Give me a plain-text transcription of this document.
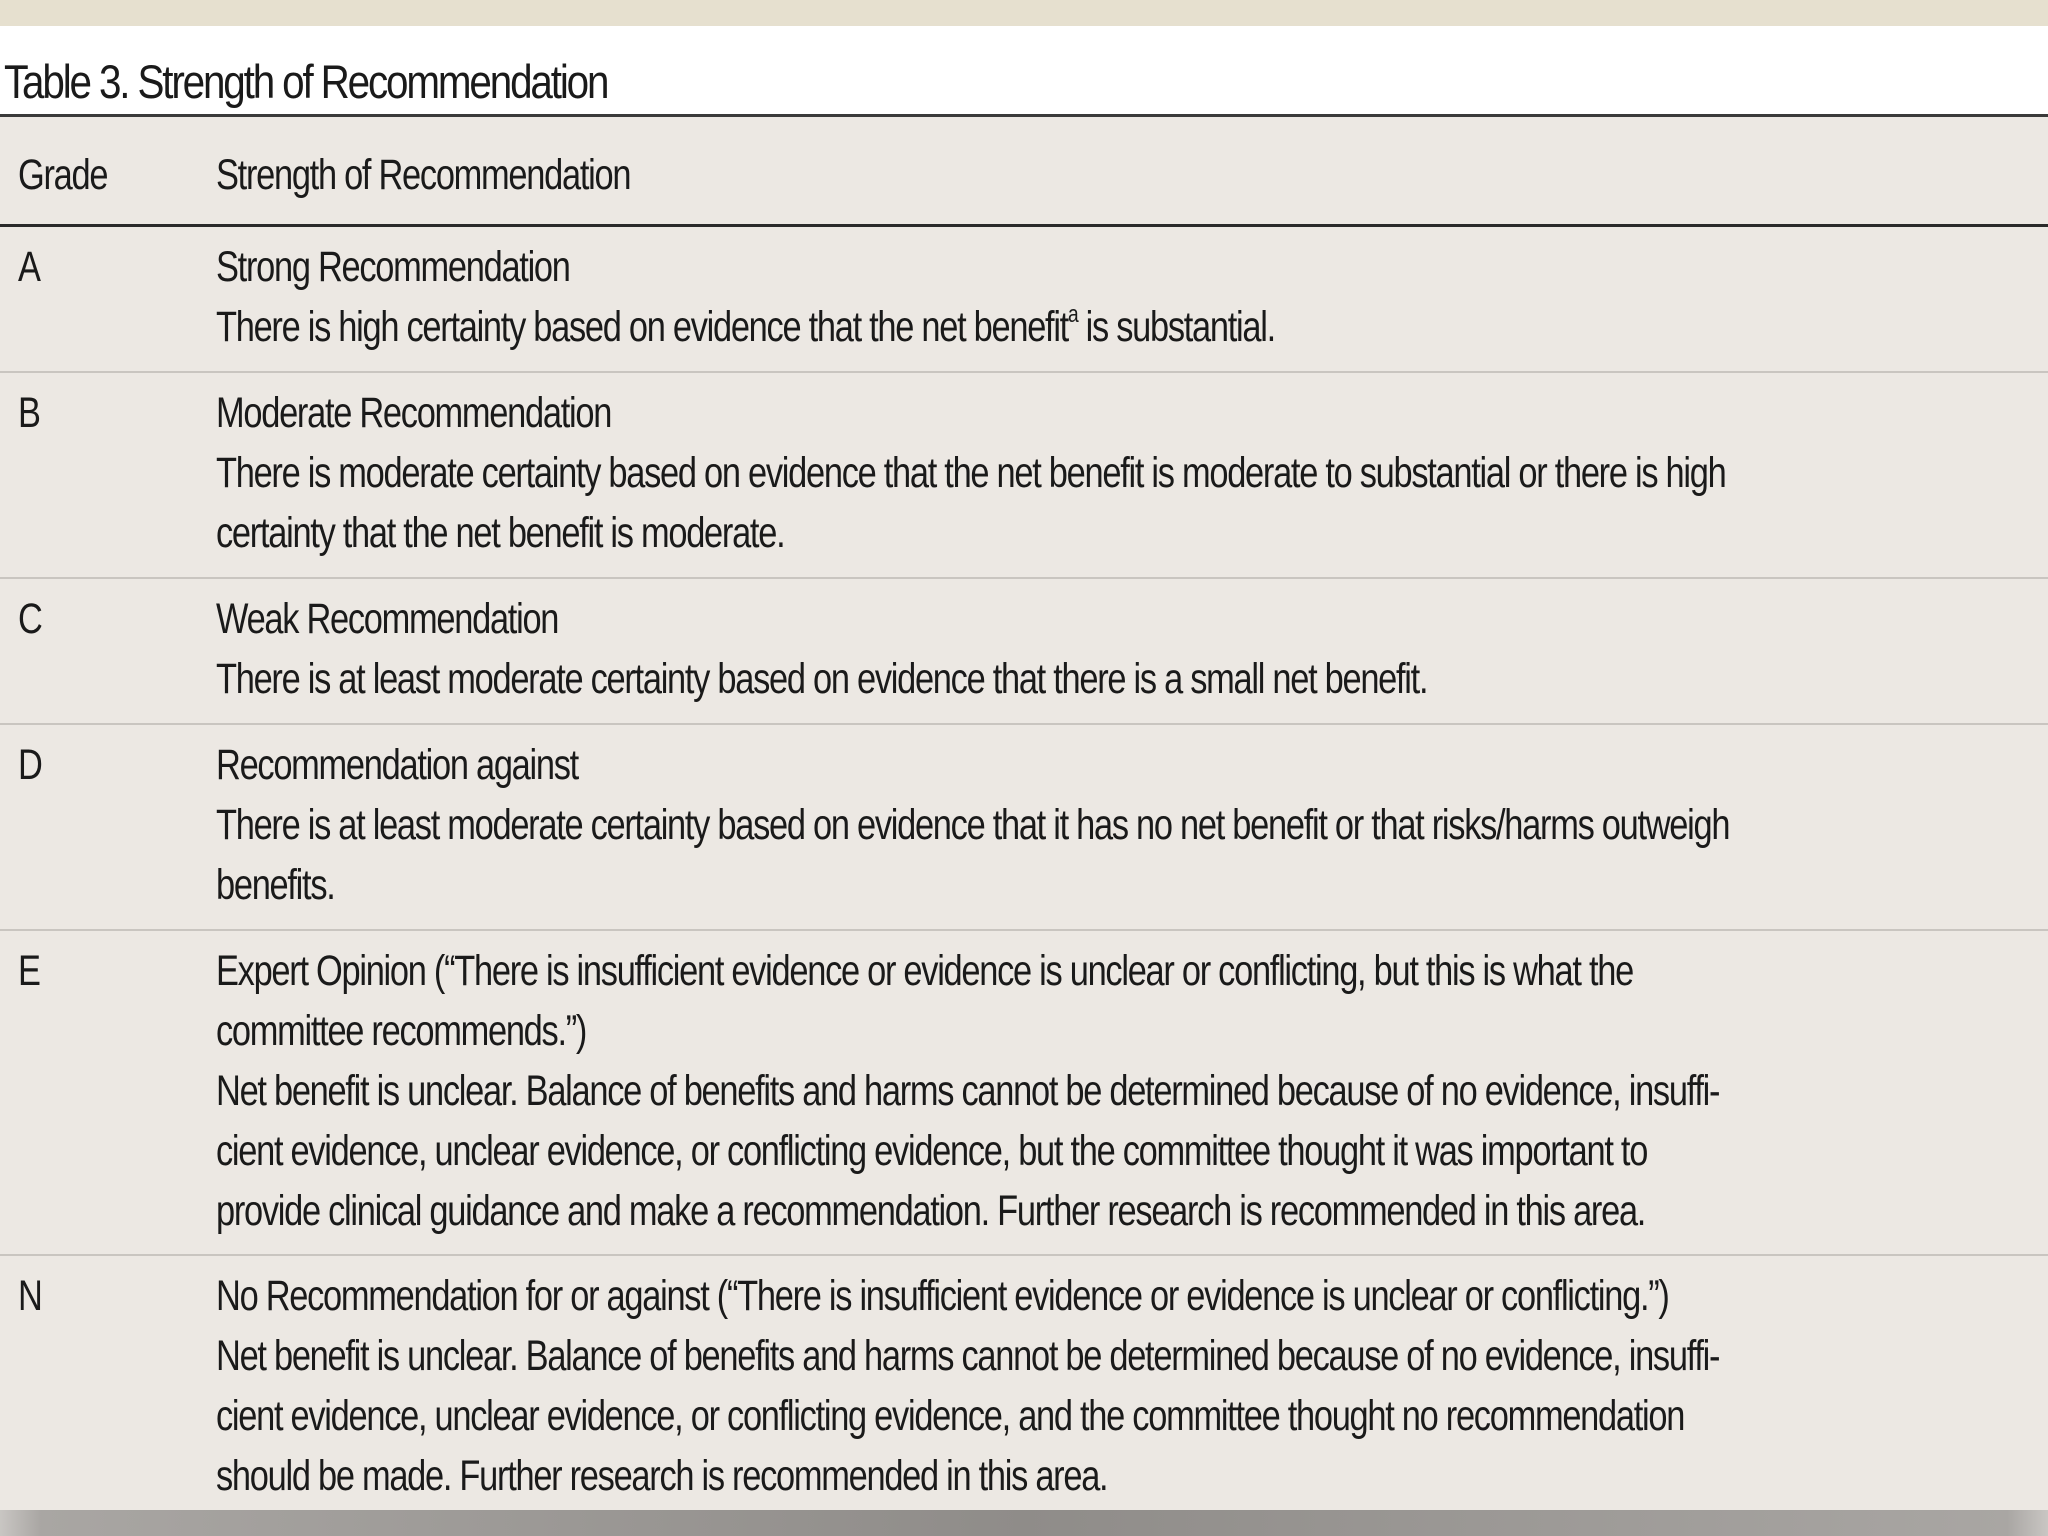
Table 3. Strength of Recommendation
Grade	Strength of Recommendation
A	Strong Recommendation
There is high certainty based on evidence that the net benefit$^a$ is substantial.
B	Moderate Recommendation
There is moderate certainty based on evidence that the net benefit is moderate to substantial or there is high
certainty that the net benefit is moderate.
C	Weak Recommendation
There is at least moderate certainty based on evidence that there is a small net benefit.
D	Recommendation against
There is at least moderate certainty based on evidence that it has no net benefit or that risks/harms outweigh
benefits.
E	Expert Opinion (“There is insufficient evidence or evidence is unclear or conflicting, but this is what the
committee recommends.”)
Net benefit is unclear. Balance of benefits and harms cannot be determined because of no evidence, insuffi-
cient evidence, unclear evidence, or conflicting evidence, but the committee thought it was important to
provide clinical guidance and make a recommendation. Further research is recommended in this area.
N	No Recommendation for or against (“There is insufficient evidence or evidence is unclear or conflicting.”)
Net benefit is unclear. Balance of benefits and harms cannot be determined because of no evidence, insuffi-
cient evidence, unclear evidence, or conflicting evidence, and the committee thought no recommendation
should be made. Further research is recommended in this area.
